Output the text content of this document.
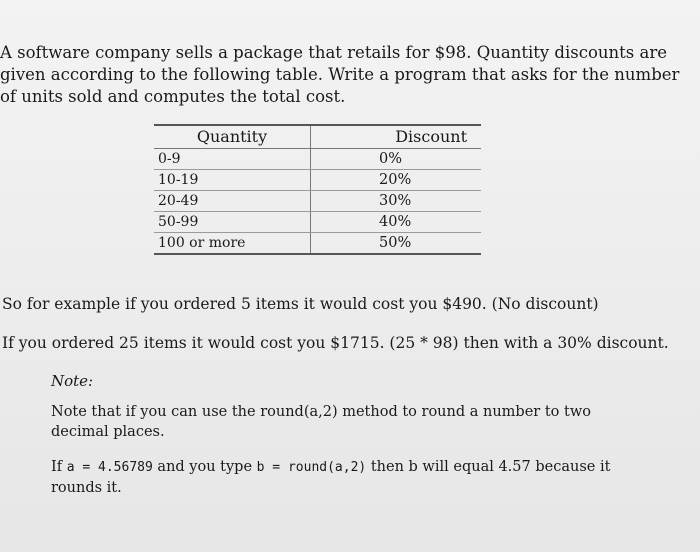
A software company sells a package that retails for $98. Quantity discounts are given according to the following table. Write a program that asks for the number of units sold and computes the total cost.

Quantity	Discount
0-9	0%
10-19	20%
20-49	30%
50-99	40%
100 or more	50%

So for example if you ordered 5 items it would cost you $490. (No discount)

If you ordered 25 items it would cost you $1715. (25 * 98) then with a 30% discount.

Note:

Note that if you can use the round(a,2) method to round a number to two decimal places.

If a = 4.56789 and you type b = round(a,2) then b will equal 4.57 because it rounds it.
